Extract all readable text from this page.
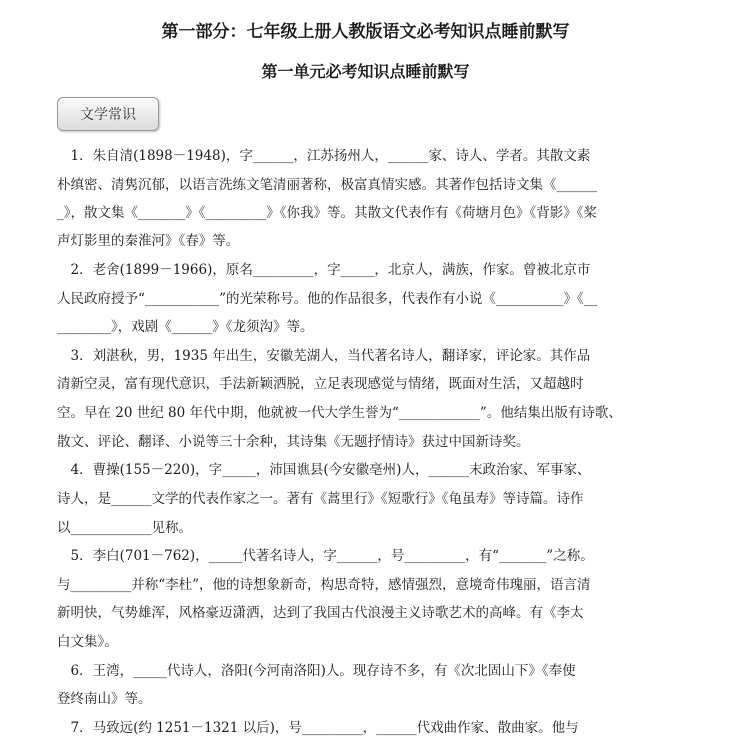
第一部分：七年级上册人教版语文必考知识点睡前默写
第一单元必考知识点睡前默写
文学常识
　1．朱自清(1898－1948)，字______，江苏扬州人，______家、诗人、学者。其散文素
朴缜密、清隽沉郁，以语言洗练文笔清丽著称，极富真情实感。其著作包括诗文集《______
_》，散文集《_______》《_________》《你我》等。其散文代表作有《荷塘月色》《背影》《桨
声灯影里的秦淮河》《春》等。
　2．老舍(1899－1966)，原名_________，字_____，北京人，满族，作家。曾被北京市
人民政府授予“___________”的光荣称号。他的作品很多，代表作有小说《__________》《__
________》，戏剧《______》《龙须沟》等。
　3．刘湛秋，男，1935 年出生，安徽芜湖人，当代著名诗人，翻译家，评论家。其作品
清新空灵，富有现代意识，手法新颖洒脱，立足表现感觉与情绪，既面对生活，又超越时
空。早在 20 世纪 80 年代中期，他就被一代大学生誉为“____________”。他结集出版有诗歌、
散文、评论、翻译、小说等三十余种，其诗集《无题抒情诗》获过中国新诗奖。
　4．曹操(155－220)，字_____，沛国谯县(今安徽亳州)人，______末政治家、军事家、
诗人，是______文学的代表作家之一。著有《蒿里行》《短歌行》《龟虽寿》等诗篇。诗作
以____________见称。
　5．李白(701－762)，_____代著名诗人，字______，号_________，有“_______”之称。
与_________并称“李杜”，他的诗想象新奇，构思奇特，感情强烈，意境奇伟瑰丽，语言清
新明快，气势雄浑，风格豪迈潇洒，达到了我国古代浪漫主义诗歌艺术的高峰。有《李太
白文集》。
　6．王湾，_____代诗人，洛阳(今河南洛阳)人。现存诗不多，有《次北固山下》《奉使
登终南山》等。
　7．马致远(约 1251－1321 以后)，号_________，______代戏曲作家、散曲家。他与
